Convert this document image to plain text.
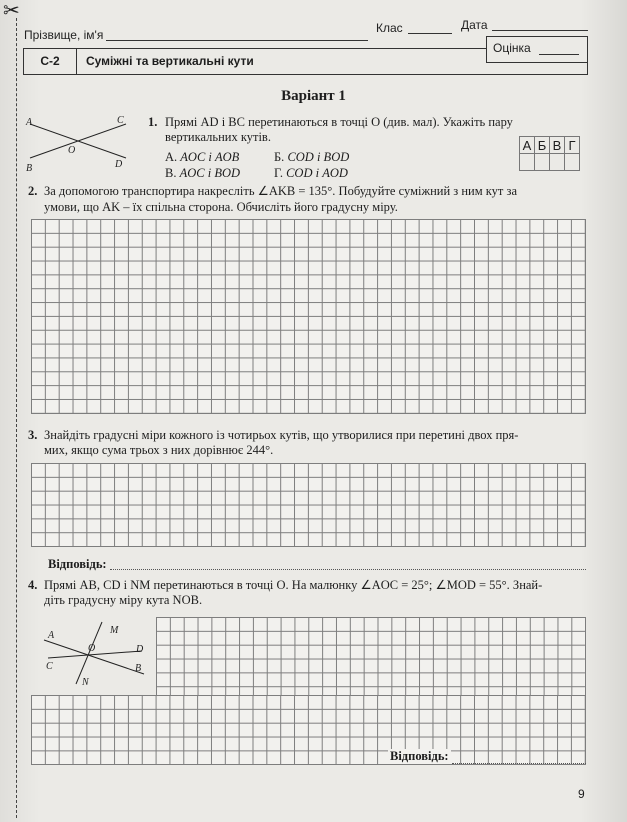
✂
Прізвище, ім'я	Клас	Дата
С-2	Суміжні та вертикальні кути
Оцінка
Варіант 1
A	C
O
B	D
1. Прямі AD і BC перетинаються в точці O (див. мал). Укажіть пару
вертикальних кутів.
А. AOC і AOB	Б. COD і BOD
В. AOC і BOD	Г. COD і AOD
А	Б	В	Г

2. За допомогою транспортира накресліть ∠AKB = 135°. Побудуйте суміжний з ним кут за
умови, що AK – їх спільна сторона. Обчисліть його градусну міру.
3. Знайдіть градусні міри кожного із чотирьох кутів, що утворилися при перетині двох пря-
мих, якщо сума трьох з них дорівнює 244°.
Відповідь:
4. Прямі AB, CD і NM перетинаються в точці O. На малюнку ∠AOC = 25°; ∠MOD = 55°. Знай-
діть градусну міру кута NOB.
M
A
O	D
C	B
N
Відповідь:
9
